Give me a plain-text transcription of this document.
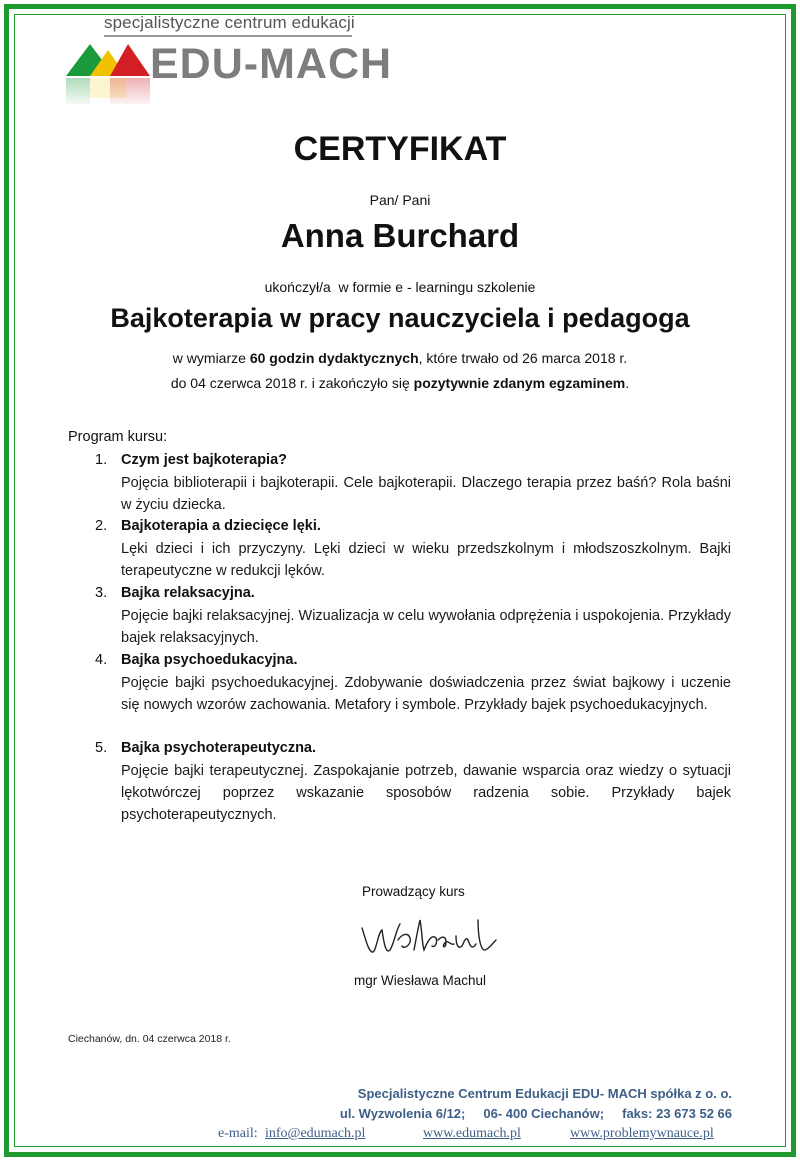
specjalistyczne centrum edukacji
EDU-MACH
CERTYFIKAT
Pan/ Pani
Anna Burchard
ukończył/a  w formie e - learningu szkolenie
Bajkoterapia w pracy nauczyciela i pedagoga
w wymiarze 60 godzin dydaktycznych, które trwało od 26 marca 2018 r.
do 04 czerwca 2018 r. i zakończyło się pozytywnie zdanym egzaminem.
Program kursu:
1. Czym jest bajkoterapia?
Pojęcia biblioterapii i bajkoterapii. Cele bajkoterapii. Dlaczego terapia przez baśń? Rola baśni w życiu dziecka.
2. Bajkoterapia a dziecięce lęki.
Lęki dzieci i ich przyczyny. Lęki dzieci w wieku przedszkolnym i młodszoszkolnym. Bajki terapeutyczne w redukcji lęków.
3. Bajka relaksacyjna.
Pojęcie bajki relaksacyjnej. Wizualizacja w celu wywołania odprężenia i uspokojenia. Przykłady bajek relaksacyjnych.
4. Bajka psychoedukacyjna.
Pojęcie bajki psychoedukacyjnej. Zdobywanie doświadczenia przez świat bajkowy i uczenie się nowych wzorów zachowania. Metafory i symbole. Przykłady bajek psychoedukacyjnych.
5. Bajka psychoterapeutyczna.
Pojęcie bajki terapeutycznej. Zaspokajanie potrzeb, dawanie wsparcia oraz wiedzy o sytuacji lękotwórczej poprzez wskazanie sposobów radzenia sobie. Przykłady bajek psychoterapeutycznych.
Prowadzący kurs
mgr Wiesława Machul
Ciechanów, dn. 04 czerwca 2018 r.
Specjalistyczne Centrum Edukacji EDU- MACH spółka z o. o.
ul. Wyzwolenia 6/12;     06- 400 Ciechanów;     faks: 23 673 52 66
e-mail: info@edumach.pl	www.edumach.pl	www.problemywnauce.pl
